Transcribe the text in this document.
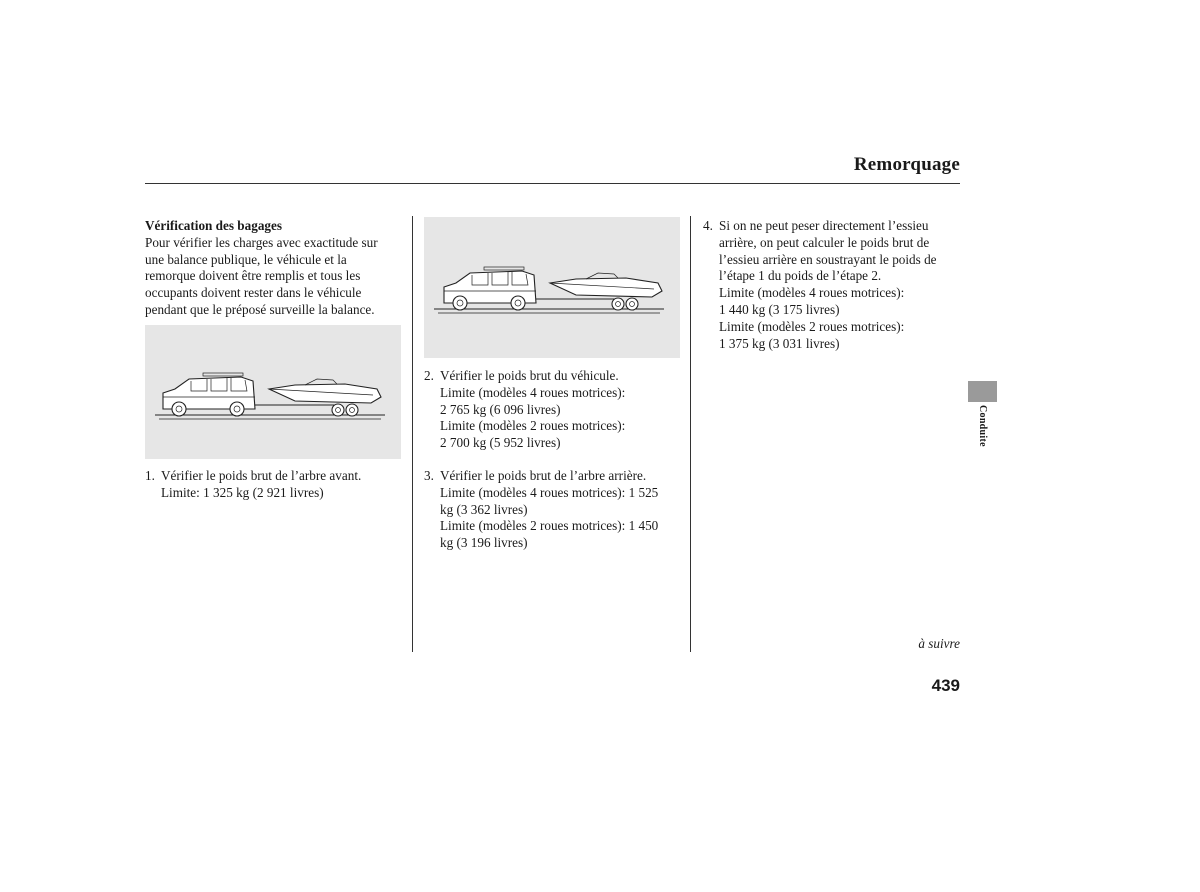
Remorquage
Vérification des bagages
Pour vérifier les charges avec exactitude sur
une balance publique, le véhicule et la
remorque doivent être remplis et tous les
occupants doivent rester dans le véhicule
pendant que le préposé surveille la balance.
1. Vérifier le poids brut de l’arbre avant.
Limite: 1 325 kg (2 921 livres)
2. Vérifier le poids brut du véhicule.
Limite (modèles 4 roues motrices):
2 765 kg (6 096 livres)
Limite (modèles 2 roues motrices):
2 700 kg (5 952 livres)
3. Vérifier le poids brut de l’arbre arrière.
Limite (modèles 4 roues motrices): 1 525
kg (3 362 livres)
Limite (modèles 2 roues motrices): 1 450
kg (3 196 livres)
4. Si on ne peut peser directement l’essieu
arrière, on peut calculer le poids brut de
l’essieu arrière en soustrayant le poids de
l’étape 1 du poids de l’étape 2.
Limite (modèles 4 roues motrices):
1 440 kg (3 175 livres)
Limite (modèles 2 roues motrices):
1 375 kg (3 031 livres)
Conduite
à suivre
439
